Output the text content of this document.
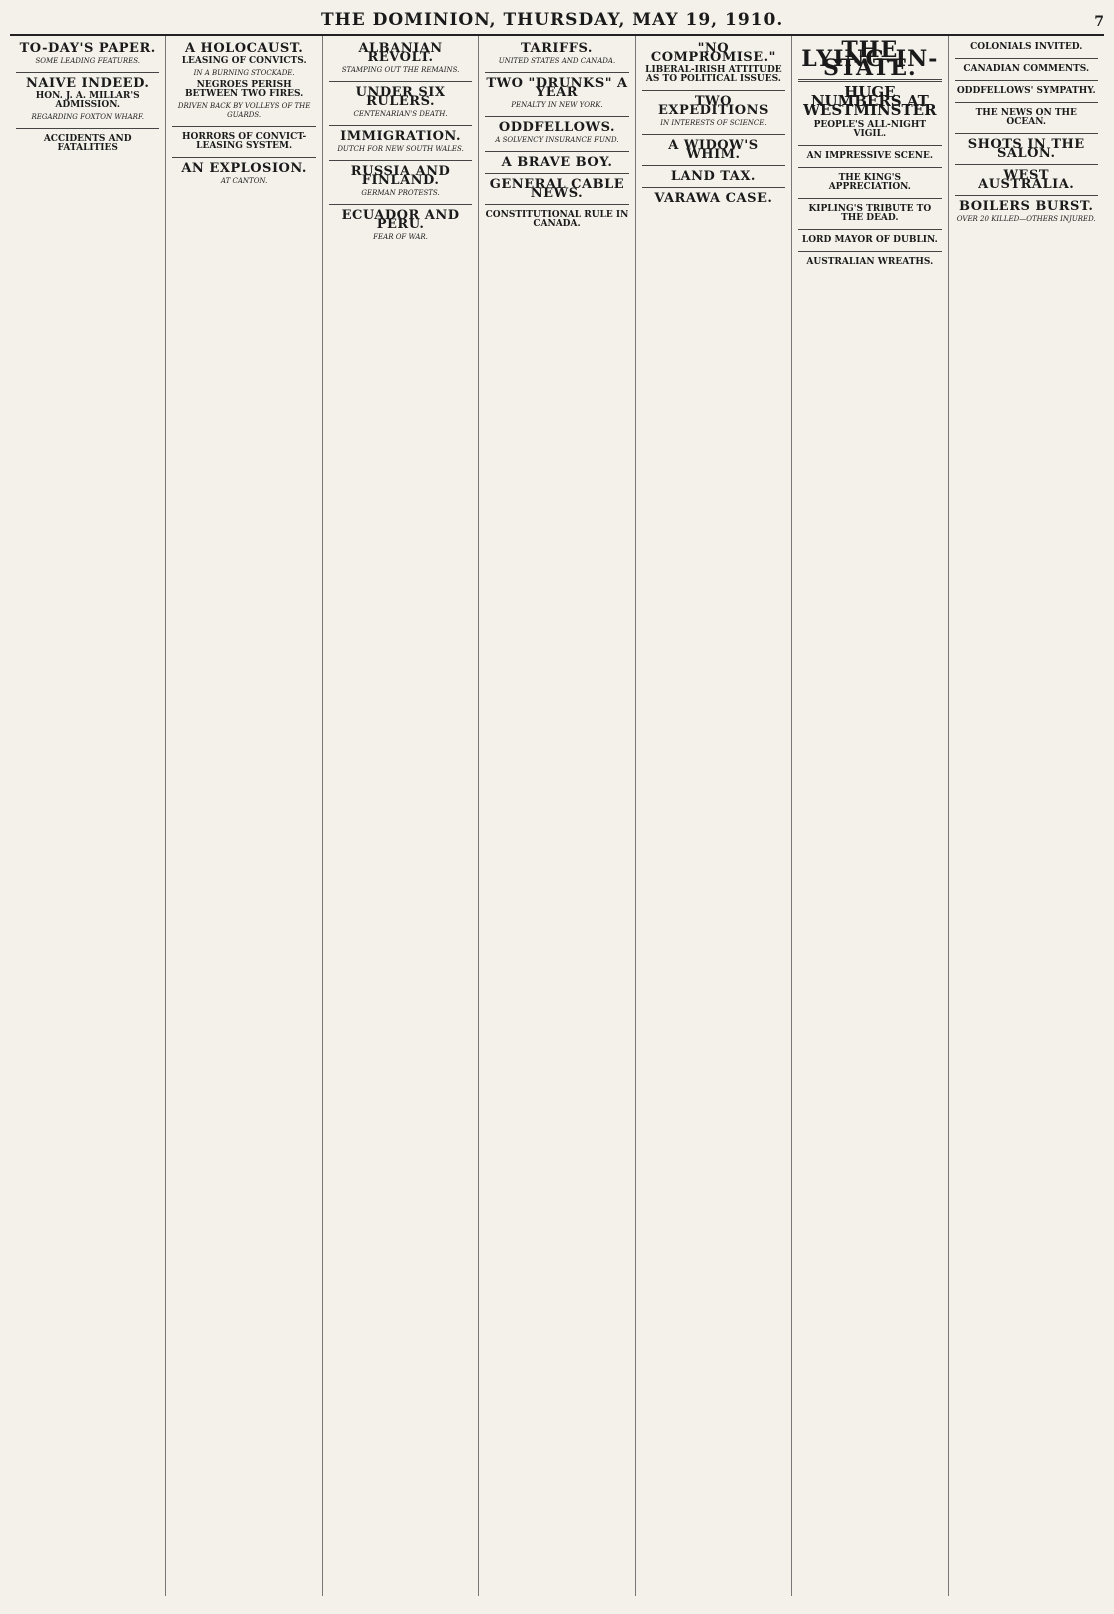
THE DOMINION, THURSDAY, MAY 19, 1910.	7
TO-DAY'S PAPER.
SOME LEADING FEATURES.
NAIVE INDEED.
HON. J. A. MILLAR'S ADMISSION.
REGARDING FOXTON WHARF.
ACCIDENTS AND FATALITIES
A HOLOCAUST.
LEASING OF CONVICTS.
IN A BURNING STOCKADE.
NEGROES PERISH BETWEEN TWO FIRES.
DRIVEN BACK BY VOLLEYS OF THE GUARDS.
HORRORS OF CONVICT-LEASING SYSTEM.
AN EXPLOSION.
AT CANTON.
ALBANIAN REVOLT.
STAMPING OUT THE REMAINS.
UNDER SIX RULERS.
CENTENARIAN'S DEATH.
IMMIGRATION.
DUTCH FOR NEW SOUTH WALES.
RUSSIA AND FINLAND.
GERMAN PROTESTS.
ECUADOR AND PERU.
FEAR OF WAR.
TARIFFS.
UNITED STATES AND CANADA.
TWO "DRUNKS" A YEAR
PENALTY IN NEW YORK.
ODDFELLOWS.
A SOLVENCY INSURANCE FUND.
A BRAVE BOY.
GENERAL CABLE NEWS.
CONSTITUTIONAL RULE IN CANADA.
"NO COMPROMISE."
LIBERAL-IRISH ATTITUDE AS TO POLITICAL ISSUES.
TWO EXPEDITIONS
IN INTERESTS OF SCIENCE.
A WIDOW'S WHIM.
LAND TAX.
VARAWA CASE.
THE LYING-IN-STATE.
HUGE NUMBERS AT WESTMINSTER
PEOPLE'S ALL-NIGHT VIGIL.
AN IMPRESSIVE SCENE.
THE KING'S APPRECIATION.
KIPLING'S TRIBUTE TO THE DEAD.
LORD MAYOR OF DUBLIN.
AUSTRALIAN WREATHS.
COLONIALS INVITED.
CANADIAN COMMENTS.
ODDFELLOWS' SYMPATHY.
THE NEWS ON THE OCEAN.
SHOTS IN THE SALON.
WEST AUSTRALIA.
BOILERS BURST.
OVER 20 KILLED—OTHERS INJURED.
